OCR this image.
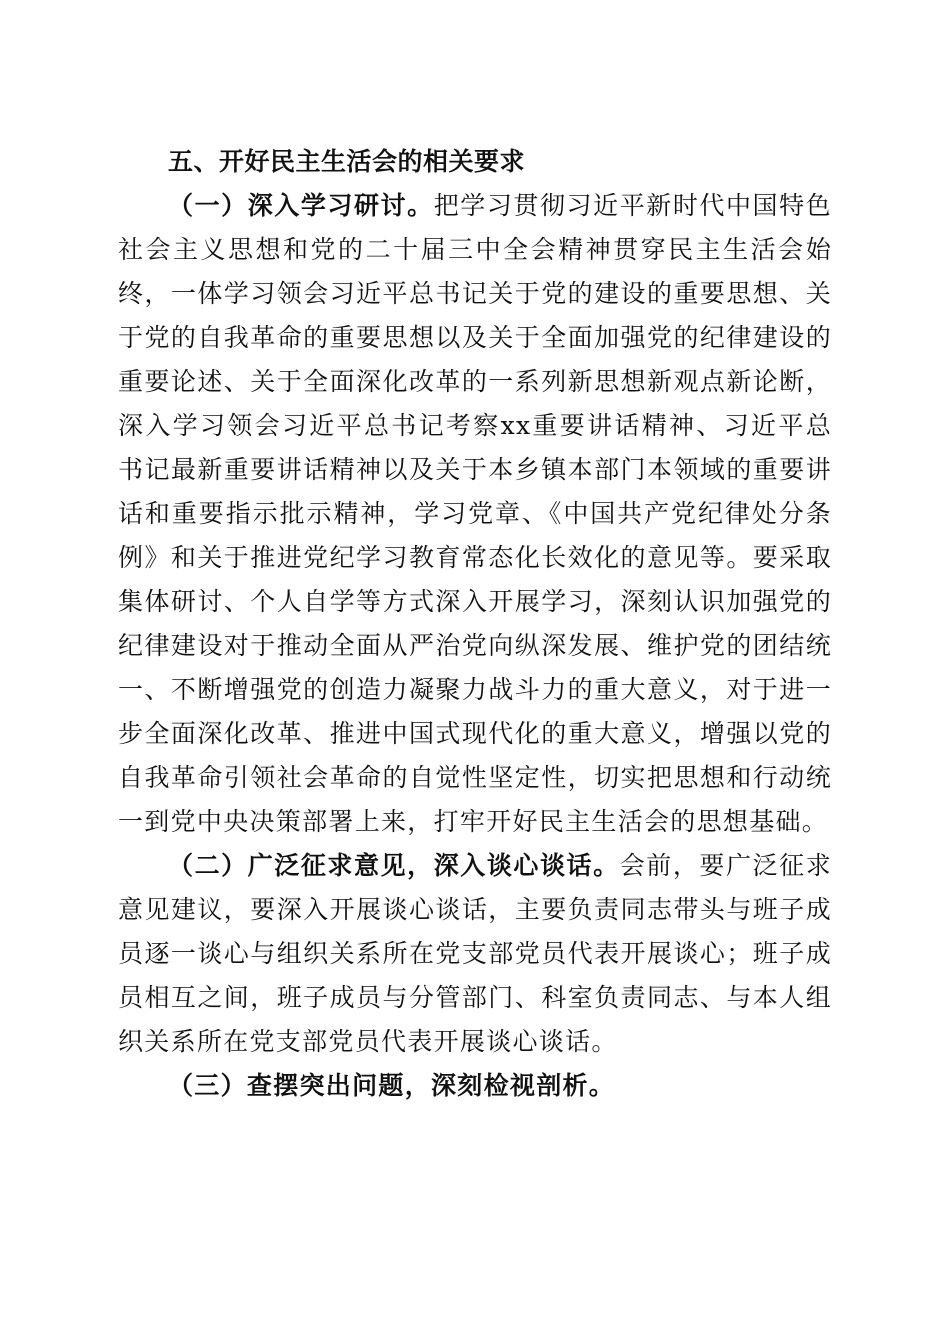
五、开好民主生活会的相关要求

（一）深入学习研讨。把学习贯彻习近平新时代中国特色社会主义思想和党的二十届三中全会精神贯穿民主生活会始终，一体学习领会习近平总书记关于党的建设的重要思想、关于党的自我革命的重要思想以及关于全面加强党的纪律建设的重要论述、关于全面深化改革的一系列新思想新观点新论断，深入学习领会习近平总书记考察xx重要讲话精神、习近平总书记最新重要讲话精神以及关于本乡镇本部门本领域的重要讲话和重要指示批示精神，学习党章、《中国共产党纪律处分条例》和关于推进党纪学习教育常态化长效化的意见等。要采取集体研讨、个人自学等方式深入开展学习，深刻认识加强党的纪律建设对于推动全面从严治党向纵深发展、维护党的团结统一、不断增强党的创造力凝聚力战斗力的重大意义，对于进一步全面深化改革、推进中国式现代化的重大意义，增强以党的自我革命引领社会革命的自觉性坚定性，切实把思想和行动统一到党中央决策部署上来，打牢开好民主生活会的思想基础。

（二）广泛征求意见，深入谈心谈话。会前，要广泛征求意见建议，要深入开展谈心谈话，主要负责同志带头与班子成员逐一谈心与组织关系所在党支部党员代表开展谈心；班子成员相互之间，班子成员与分管部门、科室负责同志、与本人组织关系所在党支部党员代表开展谈心谈话。

（三）查摆突出问题，深刻检视剖析。
